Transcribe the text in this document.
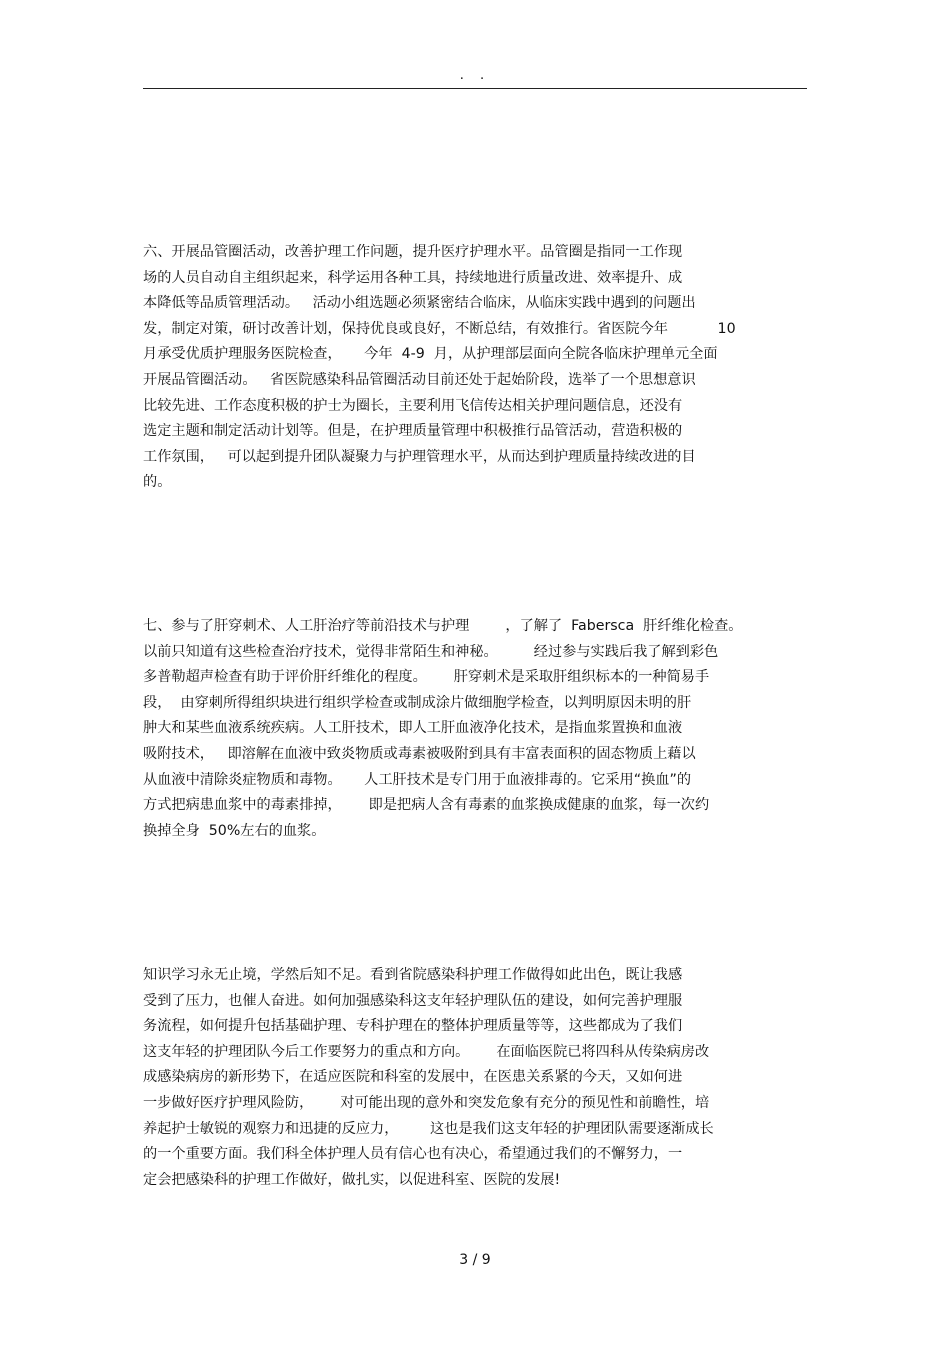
. .
六、开展品管圈活动，改善护理工作问题，提升医疗护理水平。品管圈是指同一工作现
场的人员自动自主组织起来，科学运用各种工具，持续地进行质量改进、效率提升、成
本降低等品质管理活动。   活动小组选题必须紧密结合临床，从临床实践中遇到的问题出
发，制定对策，研讨改善计划，保持优良或良好，不断总结，有效推行。省医院今年           10
月承受优质护理服务医院检查，     今年  4-9  月，从护理部层面向全院各临床护理单元全面
开展品管圈活动。   省医院感染科品管圈活动目前还处于起始阶段，选举了一个思想意识
比较先进、工作态度积极的护士为圈长，主要利用飞信传达相关护理问题信息，还没有
选定主题和制定活动计划等。但是，在护理质量管理中积极推行品管活动，营造积极的
工作氛围，   可以起到提升团队凝聚力与护理管理水平，从而达到护理质量持续改进的目
的。
七、参与了肝穿刺术、人工肝治疗等前沿技术与护理        ，了解了  Fabersca  肝纤维化检查。
以前只知道有这些检查治疗技术，觉得非常陌生和神秘。        经过参与实践后我了解到彩色
多普勒超声检查有助于评价肝纤维化的程度。      肝穿刺术是采取肝组织标本的一种简易手
段，  由穿刺所得组织块进行组织学检查或制成涂片做细胞学检查，以判明原因未明的肝
肿大和某些血液系统疾病。人工肝技术，即人工肝血液净化技术，是指血浆置换和血液
吸附技术，   即溶解在血液中致炎物质或毒素被吸附到具有丰富表面积的固态物质上藉以
从血液中清除炎症物质和毒物。     人工肝技术是专门用于血液排毒的。它采用“换血”的
方式把病患血浆中的毒素排掉，      即是把病人含有毒素的血浆换成健康的血浆，每一次约
换掉全身  50%左右的血浆。
知识学习永无止境，学然后知不足。看到省院感染科护理工作做得如此出色，既让我感
受到了压力，也催人奋进。如何加强感染科这支年轻护理队伍的建设，如何完善护理服
务流程，如何提升包括基础护理、专科护理在的整体护理质量等等，这些都成为了我们
这支年轻的护理团队今后工作要努力的重点和方向。      在面临医院已将四科从传染病房改
成感染病房的新形势下，在适应医院和科室的发展中，在医患关系紧的今天，又如何进
一步做好医疗护理风险防，      对可能出现的意外和突发危象有充分的预见性和前瞻性，培
养起护士敏锐的观察力和迅捷的反应力，       这也是我们这支年轻的护理团队需要逐渐成长
的一个重要方面。我们科全体护理人员有信心也有决心，希望通过我们的不懈努力，一
定会把感染科的护理工作做好，做扎实，以促进科室、医院的发展!
3 / 9
